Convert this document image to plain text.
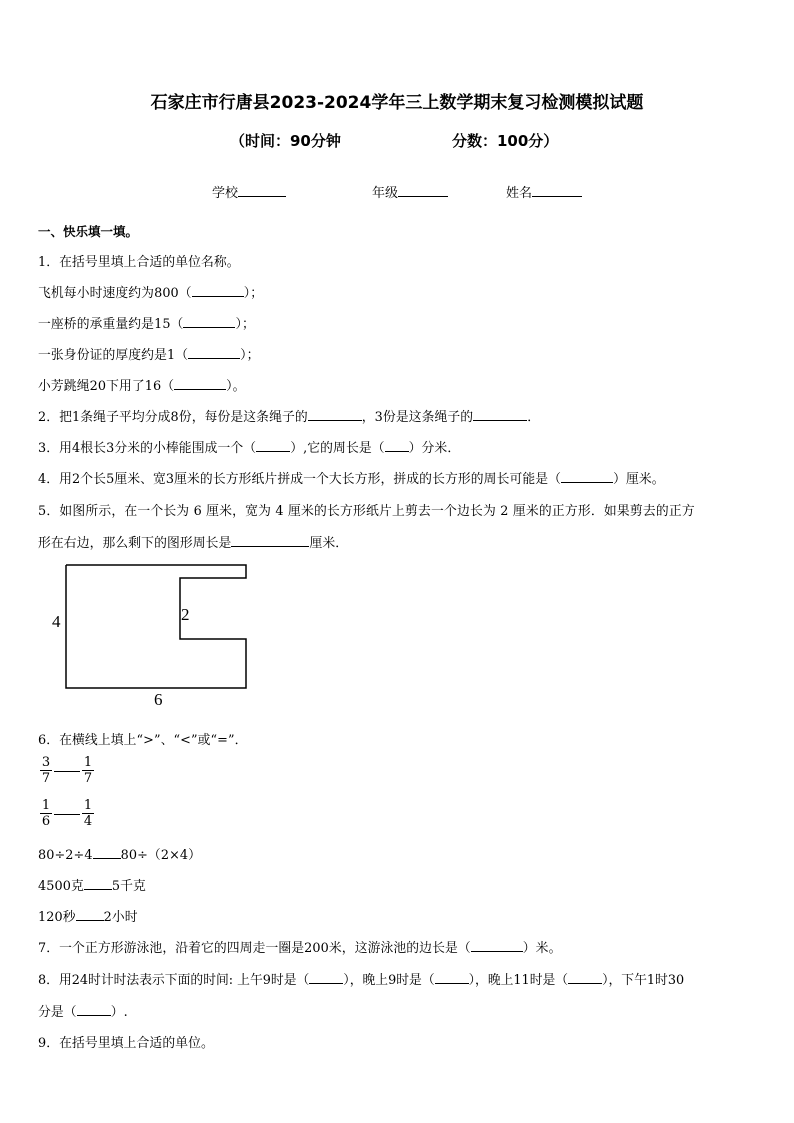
石家庄市行唐县2023-2024学年三上数学期末复习检测模拟试题
（时间：90分钟	分数：100分）
学校	年级	姓名
一、快乐填一填。
1．在括号里填上合适的单位名称。
飞机每小时速度约为800（	）；
一座桥的承重量约是15（	）；
一张身份证的厚度约是1（	）；
小芳跳绳20下用了16（	）。
2．把1条绳子平均分成8份，每份是这条绳子的	，3份是这条绳子的	．
3．用4根长3分米的小棒能围成一个（	）,它的周长是（ ）分米．
4．用2个长5厘米、宽3厘米的长方形纸片拼成一个大长方形，拼成的长方形的周长可能是（	）厘米。
5．如图所示，在一个长为 6 厘米，宽为 4 厘米的长方形纸片上剪去一个边长为 2 厘米的正方形．如果剪去的正方
形在右边，那么剩下的图形周长是	厘米．
4	2
6
6．在横线上填上“>”、“<”或“=”．
$\frac{3}{7} \frac{1}{7}$
$\frac{1}{6} \frac{1}{4}$
80÷2÷4 80÷（2×4）
4500克 5千克
120秒 2小时
7．一个正方形游泳池，沿着它的四周走一圈是200米，这游泳池的边长是（	）米。
8．用24时计时法表示下面的时间: 上午9时是（	），晚上9时是（	），晚上11时是（	），下午1时30
分是（	）.
9．在括号里填上合适的单位。
